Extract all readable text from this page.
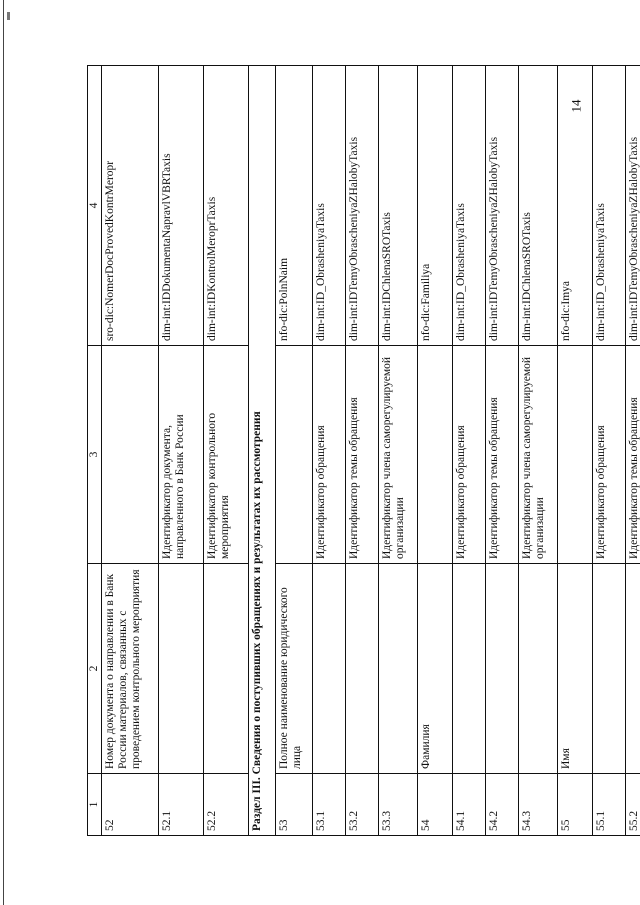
14
1	2	3	4
52	Номер документа о направлении в Банк России материалов, связанных с проведением контрольного мероприятия		sro-dic:NomerDocProvedKontrMeropr
52.1		Идентификатор документа, направленного в Банк России	dim-int:IDDokumentaNapravlVBRTaxis
52.2		Идентификатор контрольного мероприятия	dim-int:IDKontrolMeroprTaxis
Раздел III. Сведения о поступивших обращениях и результатах их рассмотрения			
53	Полное наименование юридического лица		nfo-dic:PolnNaim
53.1		Идентификатор обращения	dim-int:ID_ObrasheniyaTaxis
53.2		Идентификатор темы обращения	dim-int:IDTemyObrascheniyaZHalobyTaxis
53.3		Идентификатор члена саморегулируемой организации	dim-int:IDChlenaSROTaxis
54	Фамилия		nfo-dic:Familiya
54.1		Идентификатор обращения	dim-int:ID_ObrasheniyaTaxis
54.2		Идентификатор темы обращения	dim-int:IDTemyObrascheniyaZHalobyTaxis
54.3		Идентификатор члена саморегулируемой организации	dim-int:IDChlenaSROTaxis
55	Имя		nfo-dic:Imya
55.1		Идентификатор обращения	dim-int:ID_ObrasheniyaTaxis
55.2		Идентификатор темы обращения	dim-int:IDTemyObrascheniyaZHalobyTaxis
